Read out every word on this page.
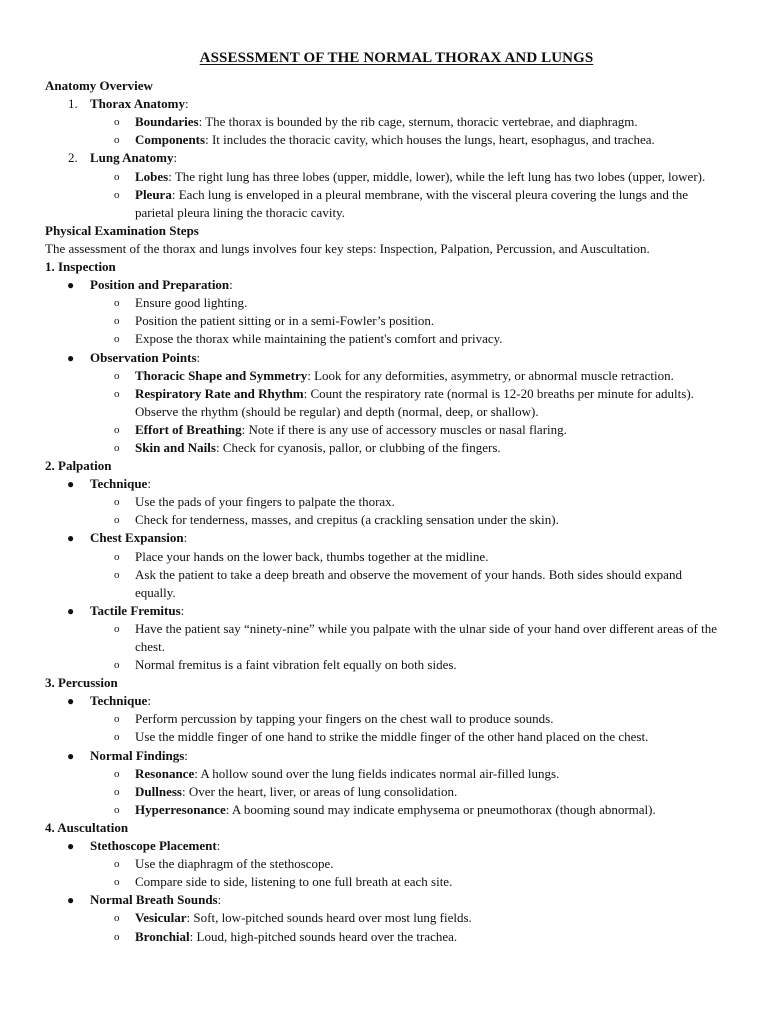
ASSESSMENT OF THE NORMAL THORAX AND LUNGS
Anatomy Overview
1. Thorax Anatomy:
o Boundaries: The thorax is bounded by the rib cage, sternum, thoracic vertebrae, and diaphragm.
o Components: It includes the thoracic cavity, which houses the lungs, heart, esophagus, and trachea.
2. Lung Anatomy:
o Lobes: The right lung has three lobes (upper, middle, lower), while the left lung has two lobes (upper, lower).
o Pleura: Each lung is enveloped in a pleural membrane, with the visceral pleura covering the lungs and the parietal pleura lining the thoracic cavity.
Physical Examination Steps

The assessment of the thorax and lungs involves four key steps: Inspection, Palpation, Percussion, and Auscultation.

1. Inspection
● Position and Preparation:
o Ensure good lighting.
o Position the patient sitting or in a semi-Fowler’s position.
o Expose the thorax while maintaining the patient's comfort and privacy.
● Observation Points:
o Thoracic Shape and Symmetry: Look for any deformities, asymmetry, or abnormal muscle retraction.
o Respiratory Rate and Rhythm: Count the respiratory rate (normal is 12-20 breaths per minute for adults). Observe the rhythm (should be regular) and depth (normal, deep, or shallow).
o Effort of Breathing: Note if there is any use of accessory muscles or nasal flaring.
o Skin and Nails: Check for cyanosis, pallor, or clubbing of the fingers.
2. Palpation
● Technique:
o Use the pads of your fingers to palpate the thorax.
o Check for tenderness, masses, and crepitus (a crackling sensation under the skin).
● Chest Expansion:
o Place your hands on the lower back, thumbs together at the midline.
o Ask the patient to take a deep breath and observe the movement of your hands. Both sides should expand equally.
● Tactile Fremitus:
o Have the patient say “ninety-nine” while you palpate with the ulnar side of your hand over different areas of the chest.
o Normal fremitus is a faint vibration felt equally on both sides.
3. Percussion
● Technique:
o Perform percussion by tapping your fingers on the chest wall to produce sounds.
o Use the middle finger of one hand to strike the middle finger of the other hand placed on the chest.
● Normal Findings:
o Resonance: A hollow sound over the lung fields indicates normal air-filled lungs.
o Dullness: Over the heart, liver, or areas of lung consolidation.
o Hyperresonance: A booming sound may indicate emphysema or pneumothorax (though abnormal).
4. Auscultation
● Stethoscope Placement:
o Use the diaphragm of the stethoscope.
o Compare side to side, listening to one full breath at each site.
● Normal Breath Sounds:
o Vesicular: Soft, low-pitched sounds heard over most lung fields.
o Bronchial: Loud, high-pitched sounds heard over the trachea.
